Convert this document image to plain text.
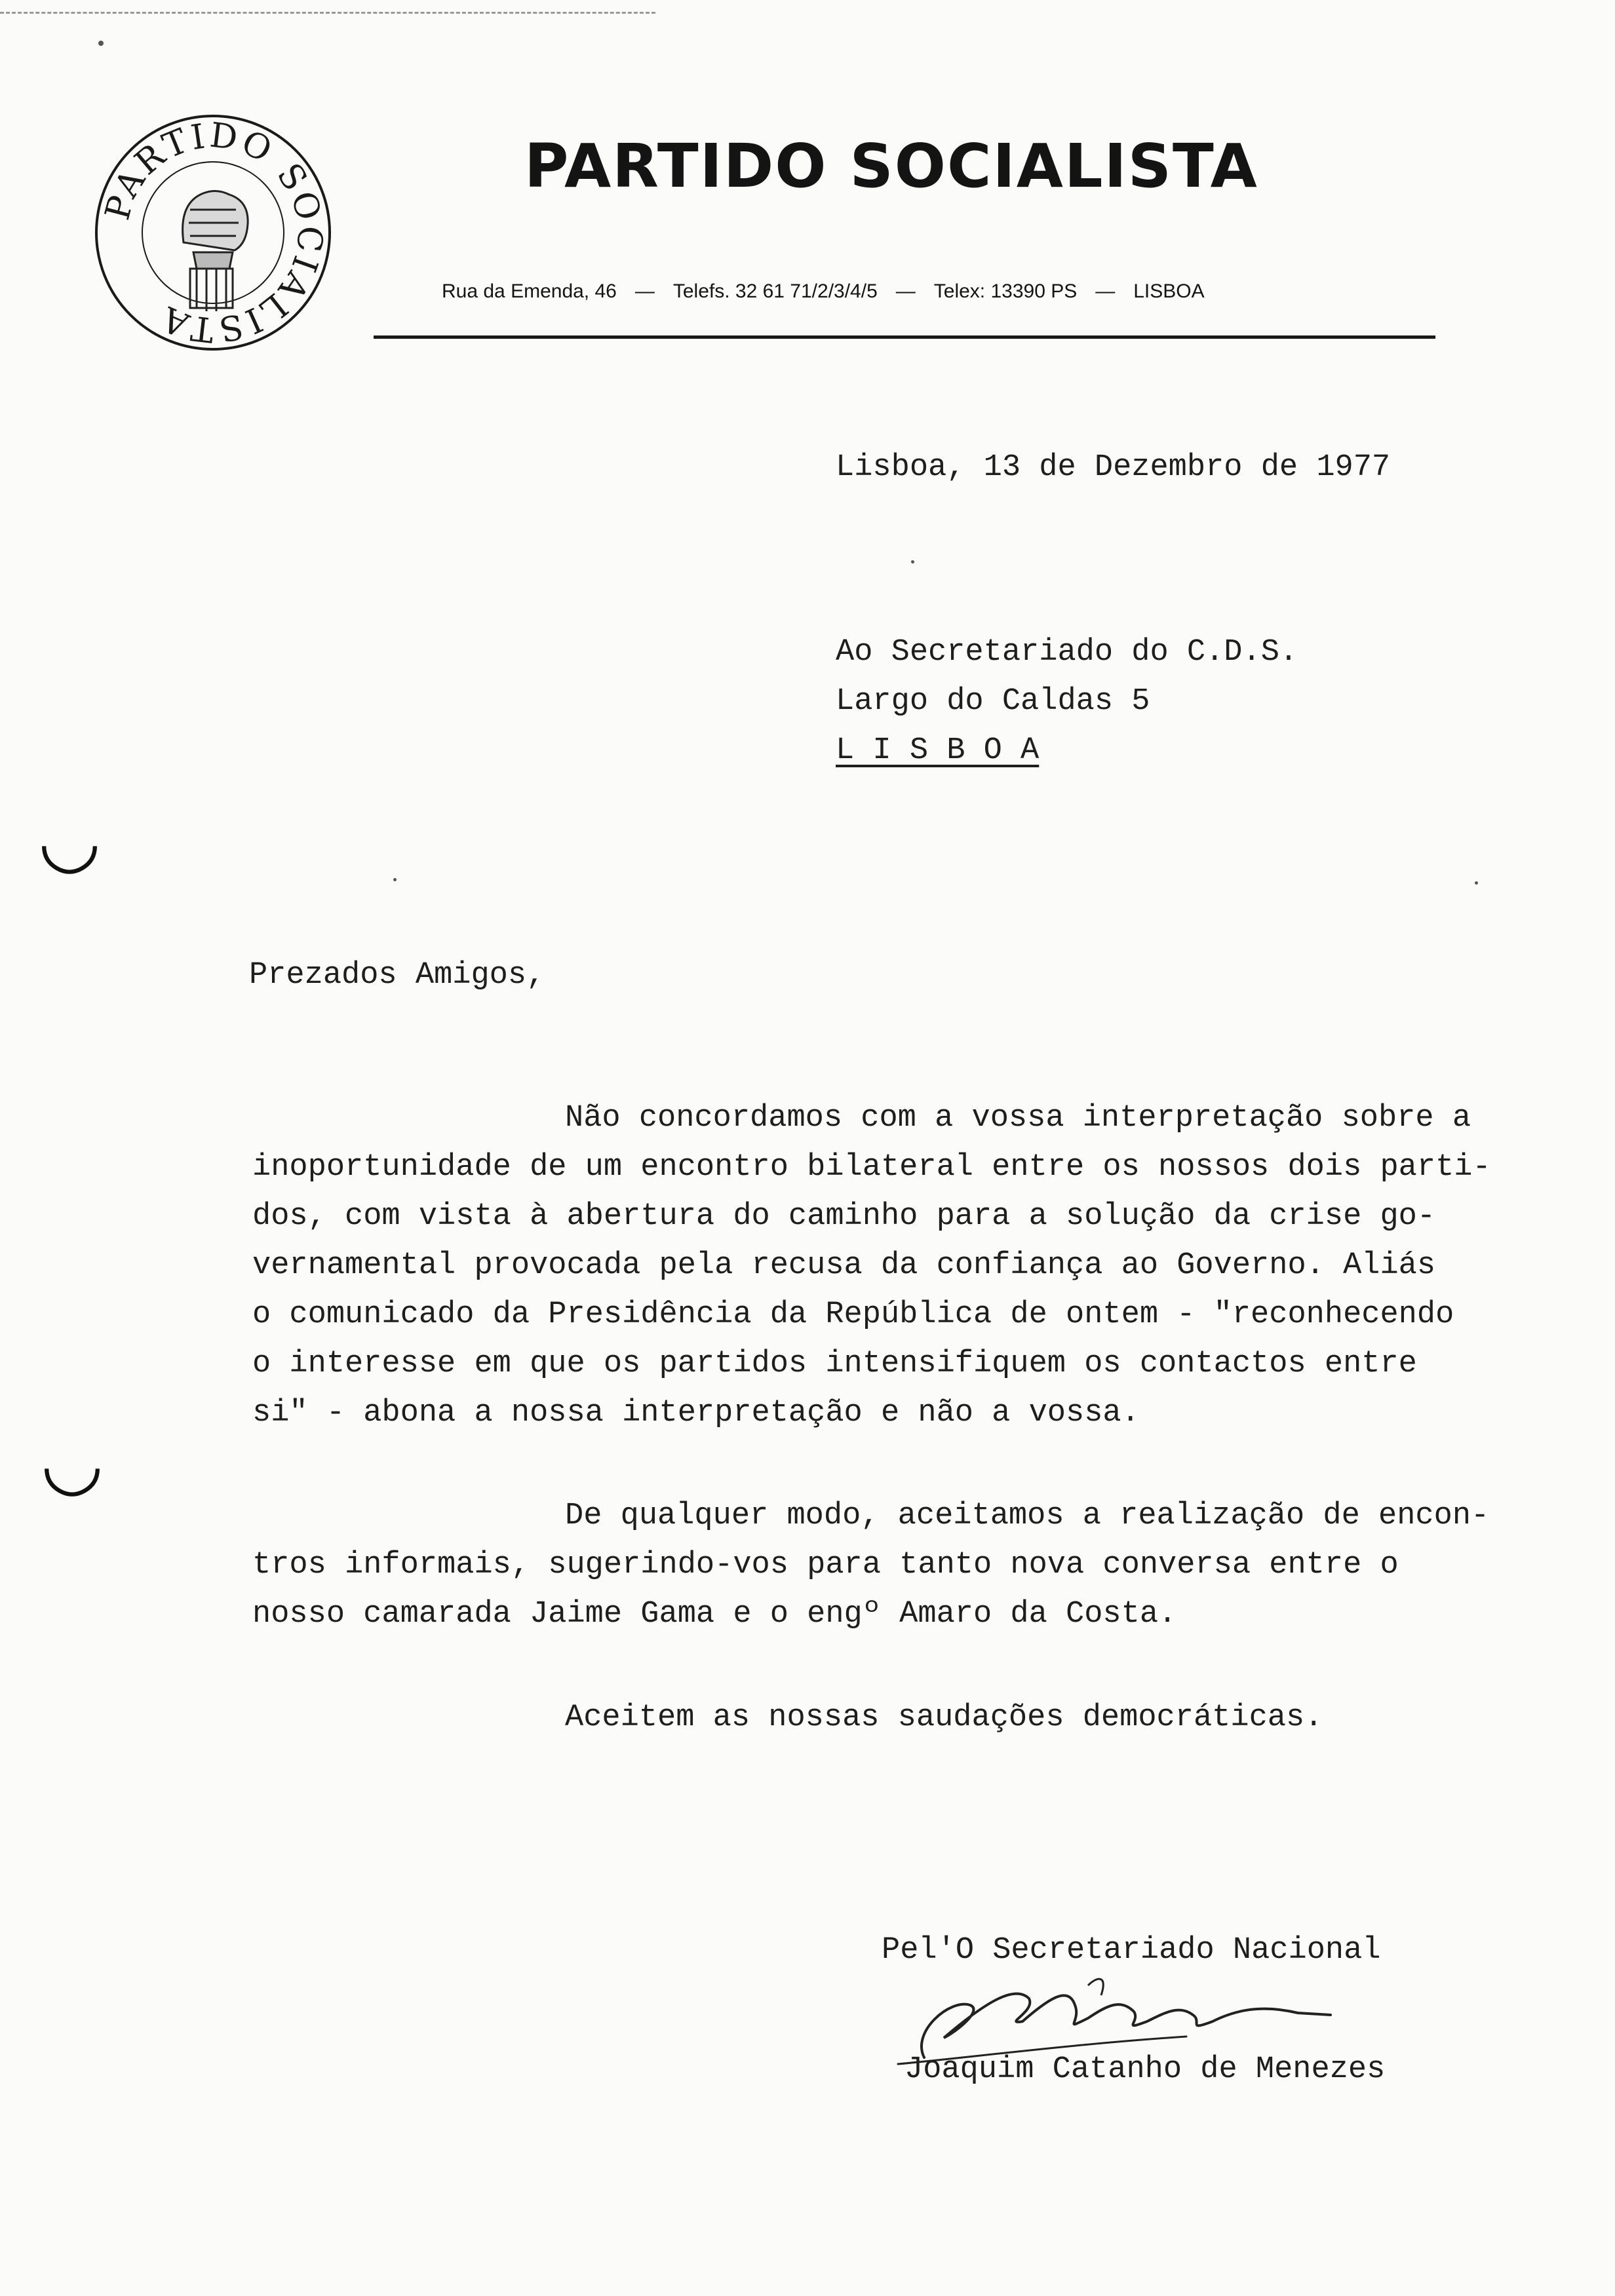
PARTIDO SOCIALISTA
PARTIDO SOCIALISTA
Rua da Emenda, 46 — Telefs. 32 61 71/2/3/4/5 — Telex: 13390 PS — LISBOA
Lisboa, 13 de Dezembro de 1977
Ao Secretariado do C.D.S.
Largo do Caldas 5
L I S B O A
Prezados Amigos,
Não concordamos com a vossa interpretação sobre a
inoportunidade de um encontro bilateral entre os nossos dois parti-
dos, com vista à abertura do caminho para a solução da crise go-
vernamental provocada pela recusa da confiança ao Governo. Aliás
o comunicado da Presidência da República de ontem - "reconhecendo
o interesse em que os partidos intensifiquem os contactos entre
si" - abona a nossa interpretação e não a vossa.
De qualquer modo, aceitamos a realização de encon-
tros informais, sugerindo-vos para tanto nova conversa entre o
nosso camarada Jaime Gama e o engº Amaro da Costa.
Aceitem as nossas saudações democráticas.
Pel'O Secretariado Nacional
Joaquim Catanho de Menezes
◡
◡
